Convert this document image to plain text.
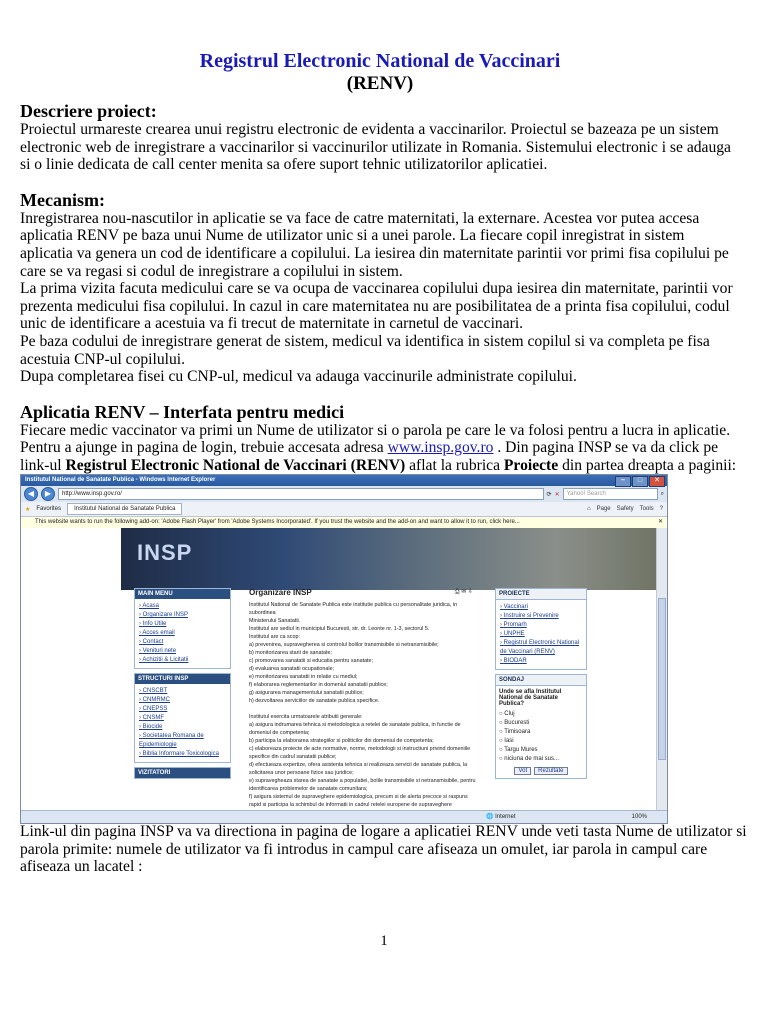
Registrul Electronic National de Vaccinari

(RENV)

Descriere proiect:

Proiectul urmareste crearea unui registru electronic de evidenta a vaccinarilor. Proiectul se bazeaza pe un sistem electronic web de inregistrare a vaccinarilor si vaccinurilor utilizate in Romania. Sistemului electronic i se adauga si o linie dedicata de call center menita sa ofere suport tehnic utilizatorilor aplicatiei.

Mecanism:

Inregistrarea nou-nascutilor in aplicatie se va face de catre maternitati, la externare. Acestea vor putea accesa aplicatia RENV pe baza unui Nume de utilizator unic si a unei parole. La fiecare copil inregistrat in sistem aplicatia va genera un cod de identificare a copilului. La iesirea din maternitate parintii vor primi fisa copilului pe care se va regasi si codul de inregistrare a copilului in sistem.

La prima vizita facuta medicului care se va ocupa de vaccinarea copilului dupa iesirea din maternitate, parintii vor prezenta medicului fisa copilului. In cazul in care maternitatea nu are posibilitatea de a printa fisa copilului, codul unic de identificare a acestuia va fi trecut de maternitate in carnetul de vaccinari.

Pe baza codului de inregistrare generat de sistem, medicul va identifica in sistem copilul si va completa pe fisa acestuia CNP-ul copilului.

Dupa completarea fisei cu CNP-ul, medicul va adauga vaccinurile administrate copilului.

Aplicatia RENV – Interfata pentru medici

Fiecare medic vaccinator va primi un Nume de utilizator si o parola pe care le va folosi pentru a lucra in aplicatie.

Pentru a ajunge in pagina de login, trebuie accesata adresa www.insp.gov.ro . Din pagina INSP se va da click pe link-ul Registrul Electronic National de Vaccinari (RENV) aflat la rubrica Proiecte din partea dreapta a paginii:

Institutul National de Sanatate Publica - Windows Internet Explorer	–	□	✕
◀	▶	http://www.insp.gov.ro/	⟳ ✕	Yahoo! Search	⌕
★ Favorites	Institutul National de Sanatate Publica	⌂ Page Safety Tools ?
This website wants to run the following add-on: 'Adobe Flash Player' from 'Adobe Systems Incorporated'. If you trust the website and the add-on and want to allow it to run, click here...	✕
INSP
MAIN MENU
› Acasa
› Organizare INSP
› Info Utile
› Acces email
› Contact
› Venituri nete
› Achizitii & Licitatii
STRUCTURI INSP
› CNSCBT
› CNMRMC
› CNEPSS
› CNSMF
› Biocide
› Societatea Romana de Epidemiologie
› Biblia Informare Toxicologica
VIZITATORI
Organizare INSP	⎙ ✉ ⇩
Institutul National de Sanatate Publica este institutie publica cu personalitate juridica, in subordinea
Ministerului Sanatatii.
Institutul are sediul in municipiul Bucuresti, str. dr. Leonte nr. 1-3, sectorul 5.
Institutul are ca scop:
a) prevenirea, supravegherea si controlul bolilor transmisibile si netransmisibile;
b) monitorizarea starii de sanatate;
c) promovarea sanatatii si educatia pentru sanatate;
d) evaluarea sanatatii ocupationale;
e) monitorizarea sanatatii in relatie cu mediul;
f) elaborarea reglementarilor in domeniul sanatatii publice;
g) asigurarea managementului sanatatii publice;
h) dezvoltarea serviciilor de sanatate publica specifice.

Institutul exercita urmatoarele atributii generale:
a) asigura indrumarea tehnica si metodologica a retelei de sanatate publica, in functie de
domeniul de competenta;
b) participa la elaborarea strategiilor si politicilor din domeniul de competenta;
c) elaboreaza proiecte de acte normative, norme, metodologii si instructiuni privind domeniile
specifice din cadrul sanatatii publice;
d) efectueaza expertize, ofera asistenta tehnica si realizeaza servicii de sanatate publica, la
solicitarea unor persoane fizice sau juridice;
e) supravegheaza starea de sanatate a populatiei, bolile transmisibile si netransmisibile, pentru
identificarea problemelor de sanatate comunitara;
f) asigura sistemul de supraveghere epidemiologica, precum si de alerta precoce si raspuns
rapid si participa la schimbul de informatii in cadrul retelei europene de supraveghere
PROIECTE
› Vaccinari
› Instruire si Prevenire
› Promarh
› UNPHE
› Registrul Electronic National de Vaccinari (RENV)
› BIODAR
SONDAJ
Unde se afla Institutul National de Sanatate Publica?
○ Cluj
○ Bucuresti
○ Timisoara
○ Iasi
○ Targu Mures
○ niciuna de mai sus...
Vot	Rezultate
🌐 Internet	100%

Link-ul din pagina INSP va va directiona in pagina de logare a aplicatiei RENV unde veti tasta Nume de utilizator si parola primite: numele de utilizator va fi introdus in campul care afiseaza un omulet, iar parola in campul care afiseaza un lacatel :

1
